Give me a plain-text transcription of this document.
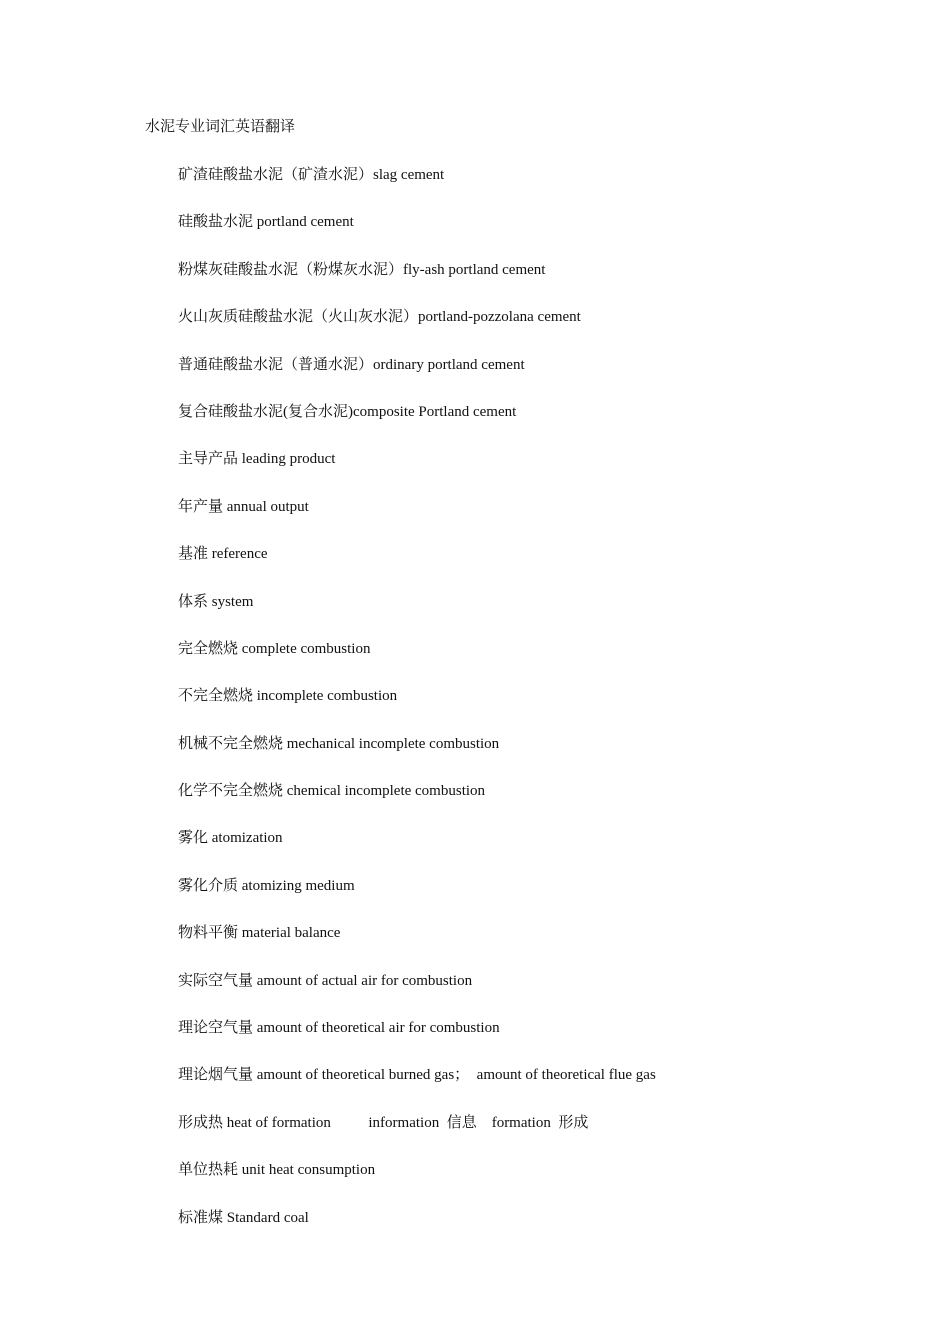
水泥专业词汇英语翻译
矿渣硅酸盐水泥（矿渣水泥）slag cement
硅酸盐水泥 portland cement
粉煤灰硅酸盐水泥（粉煤灰水泥）fly-ash portland cement
火山灰质硅酸盐水泥（火山灰水泥）portland-pozzolana cement
普通硅酸盐水泥（普通水泥）ordinary portland cement
复合硅酸盐水泥(复合水泥)composite Portland cement
主导产品 leading product
年产量 annual output
基准 reference
体系 system
完全燃烧 complete combustion
不完全燃烧 incomplete combustion
机械不完全燃烧 mechanical incomplete combustion
化学不完全燃烧 chemical incomplete combustion
雾化 atomization
雾化介质 atomizing medium
物料平衡 material balance
实际空气量 amount of actual air for combustion
理论空气量 amount of theoretical air for combustion
理论烟气量 amount of theoretical burned gas；  amount of theoretical flue gas
形成热 heat of formation          information  信息    formation  形成
单位热耗 unit heat consumption
标准煤 Standard coal
